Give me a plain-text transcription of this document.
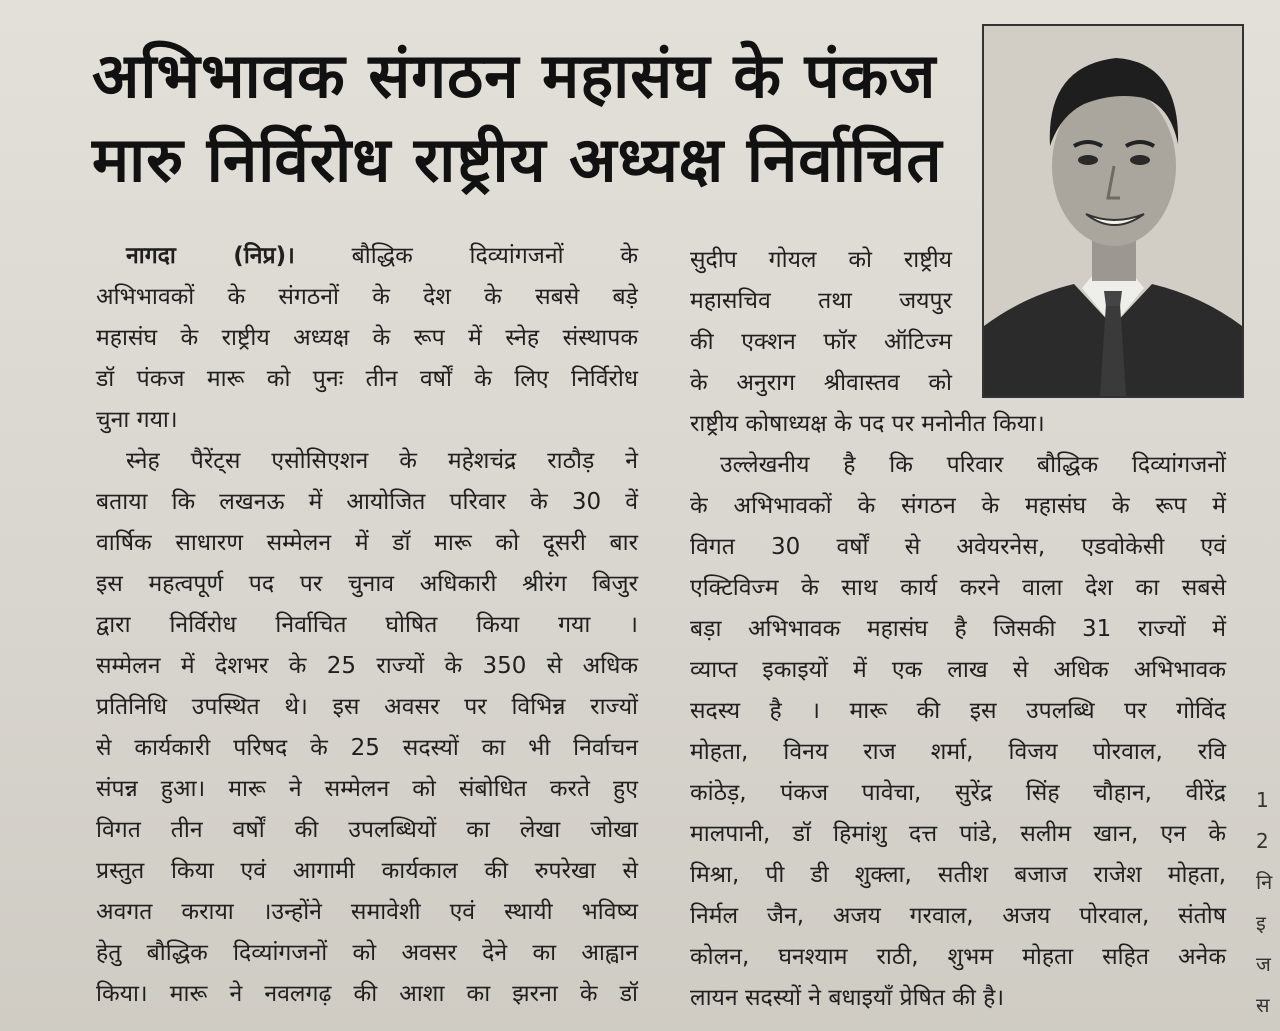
अभिभावक संगठन महासंघ के पंकज
मारु निर्विरोध राष्ट्रीय अध्यक्ष निर्वाचित

नागदा (निप्र)। बौद्धिक दिव्यांगजनों के

अभिभावकों के संगठनों के देश के सबसे बड़े

महासंघ के राष्ट्रीय अध्यक्ष के रूप में स्नेह संस्थापक

डॉ पंकज मारू को पुनः तीन वर्षों के लिए निर्विरोध

चुना गया।

स्नेह पैरेंट्स एसोसिएशन के महेशचंद्र राठौड़ ने

बताया कि लखनऊ में आयोजित परिवार के 30 वें

वार्षिक साधारण सम्मेलन में डॉ मारू को दूसरी बार

इस महत्वपूर्ण पद पर चुनाव अधिकारी श्रीरंग बिजुर

द्वारा निर्विरोध निर्वाचित घोषित किया गया ।

सम्मेलन में देशभर के 25 राज्यों के 350 से अधिक

प्रतिनिधि उपस्थित थे। इस अवसर पर विभिन्न राज्यों

से कार्यकारी परिषद के 25 सदस्यों का भी निर्वाचन

संपन्न हुआ। मारू ने सम्मेलन को संबोधित करते हुए

विगत तीन वर्षों की उपलब्धियों का लेखा जोखा

प्रस्तुत किया एवं आगामी कार्यकाल की रुपरेखा से

अवगत कराया ।उन्होंने समावेशी एवं स्थायी भविष्य

हेतु बौद्धिक दिव्यांगजनों को अवसर देने का आह्वान

किया। मारू ने नवलगढ़ की आशा का झरना के डॉ

सुदीप गोयल को राष्ट्रीय

महासचिव तथा जयपुर

की एक्शन फॉर ऑटिज्म

के अनुराग श्रीवास्तव को

राष्ट्रीय कोषाध्यक्ष के पद पर मनोनीत किया।

उल्लेखनीय है कि परिवार बौद्धिक दिव्यांगजनों

के अभिभावकों के संगठन के महासंघ के रूप में

विगत 30 वर्षों से अवेयरनेस, एडवोकेसी एवं

एक्टिविज्म के साथ कार्य करने वाला देश का सबसे

बड़ा अभिभावक महासंघ है जिसकी 31 राज्यों में

व्याप्त इकाइयों में एक लाख से अधिक अभिभावक

सदस्य है । मारू की इस उपलब्धि पर गोविंद

मोहता, विनय राज शर्मा, विजय पोरवाल, रवि

कांठेड़, पंकज पावेचा, सुरेंद्र सिंह चौहान, वीरेंद्र

मालपानी, डॉ हिमांशु दत्त पांडे, सलीम खान, एन के

मिश्रा, पी डी शुक्ला, सतीश बजाज राजेश मोहता,

निर्मल जैन, अजय गरवाल, अजय पोरवाल, संतोष

कोलन, घनश्याम राठी, शुभम मोहता सहित अनेक

लायन सदस्यों ने बधाइयाँ प्रेषित की है।

1

2

नि

इ

ज

स
